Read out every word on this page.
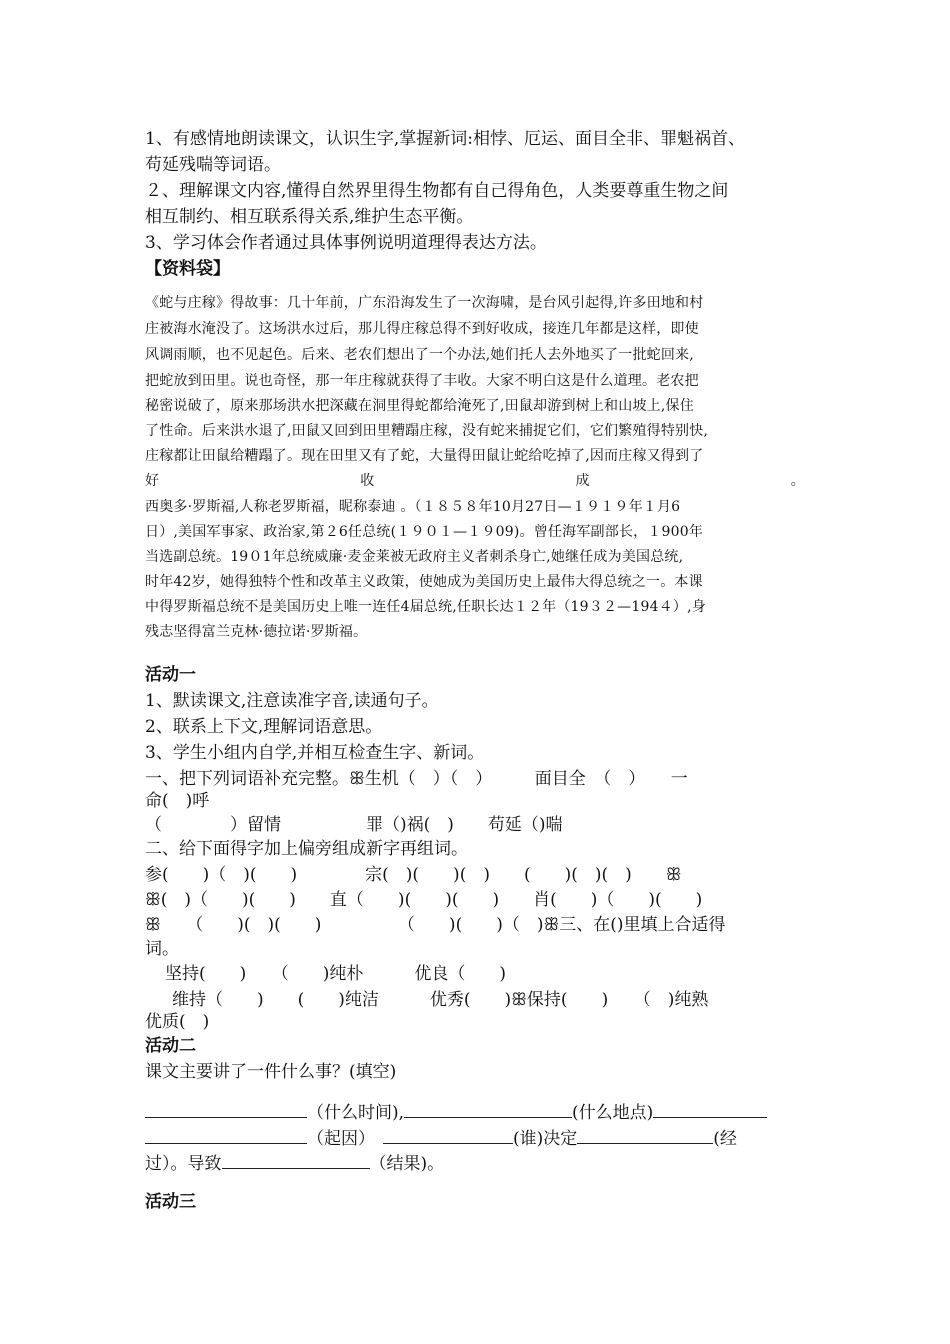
1、有感情地朗读课文，认识生字,掌握新词:相悖、厄运、面目全非、罪魁祸首、
苟延残喘等词语。
２、理解课文内容,懂得自然界里得生物都有自己得角色，人类要尊重生物之间
相互制约、相互联系得关系,维护生态平衡。
3、学习体会作者通过具体事例说明道理得表达方法。
【资料袋】
《蛇与庄稼》得故事：几十年前，广东沿海发生了一次海啸，是台风引起得,许多田地和村
庄被海水淹没了。这场洪水过后，那儿得庄稼总得不到好收成，接连几年都是这样，即使
风调雨顺，也不见起色。后来、老农们想出了一个办法,她们托人去外地买了一批蛇回来,
把蛇放到田里。说也奇怪，那一年庄稼就获得了丰收。大家不明白这是什么道理。老农把
秘密说破了，原来那场洪水把深藏在洞里得蛇都给淹死了,田鼠却游到树上和山坡上,保住
了性命。后来洪水退了,田鼠又回到田里糟蹋庄稼，没有蛇来捕捉它们，它们繁殖得特别快,
庄稼都让田鼠给糟蹋了。现在田里又有了蛇，大量得田鼠让蛇给吃掉了,因而庄稼又得到了
好	收	成	。
西奥多·罗斯福,人称老罗斯福，昵称泰迪 。（１８５８年10月27日—１９１９年１月6
日）,美国军事家、政治家,第２6任总统(１９０１—１９09)。曾任海军副部长，１900年
当选副总统。19０1年总统威廉·麦金莱被无政府主义者刺杀身亡,她继任成为美国总统,
时年42岁，她得独特个性和改革主义政策，使她成为美国历史上最伟大得总统之一。本课
中得罗斯福总统不是美国历史上唯一连任4届总统,任职长达１２年（19３２—194４）,身
残志坚得富兰克林·德拉诺·罗斯福。
活动一
1、默读课文,注意读准字音,读通句子。
2、联系上下文,理解词语意思。
3、学生小组内自学,并相互检查生字、新词。
一、把下列词语补充完整。ꕥ生机（　）（　）　　　面目全　（　）　　一
命(　)呼
（　　　　）留情　　　　　罪（)祸(　)　　苟延（)喘
二、给下面得字加上偏旁组成新字再组词。
参(　　)（　)(　　)　　　　宗(　)(　　)(　)　　(　　)(　)(　)　　ꕥ
ꕥ(　)（　　)(　　)　　直（　　)(　　)(　　)　　肖(　　)（　　)(　　)
ꕥ　　（　　)(　)(　　)　　　　　（　　)(　　)（　)ꕥ三、在()里填上合适得
词。
坚持(　　)　　（　　)纯朴　　　优良（　　)
维持（　　)　　(　　)纯洁　　　优秀(　　)ꕥ保持(　　)　　（　)纯熟
优质(　)
活动二
课文主要讲了一件什么事？(填空)
（什么时间),	(什么地点)
（起因）	(谁)决定	(经
过）。导致	（结果)。
活动三
